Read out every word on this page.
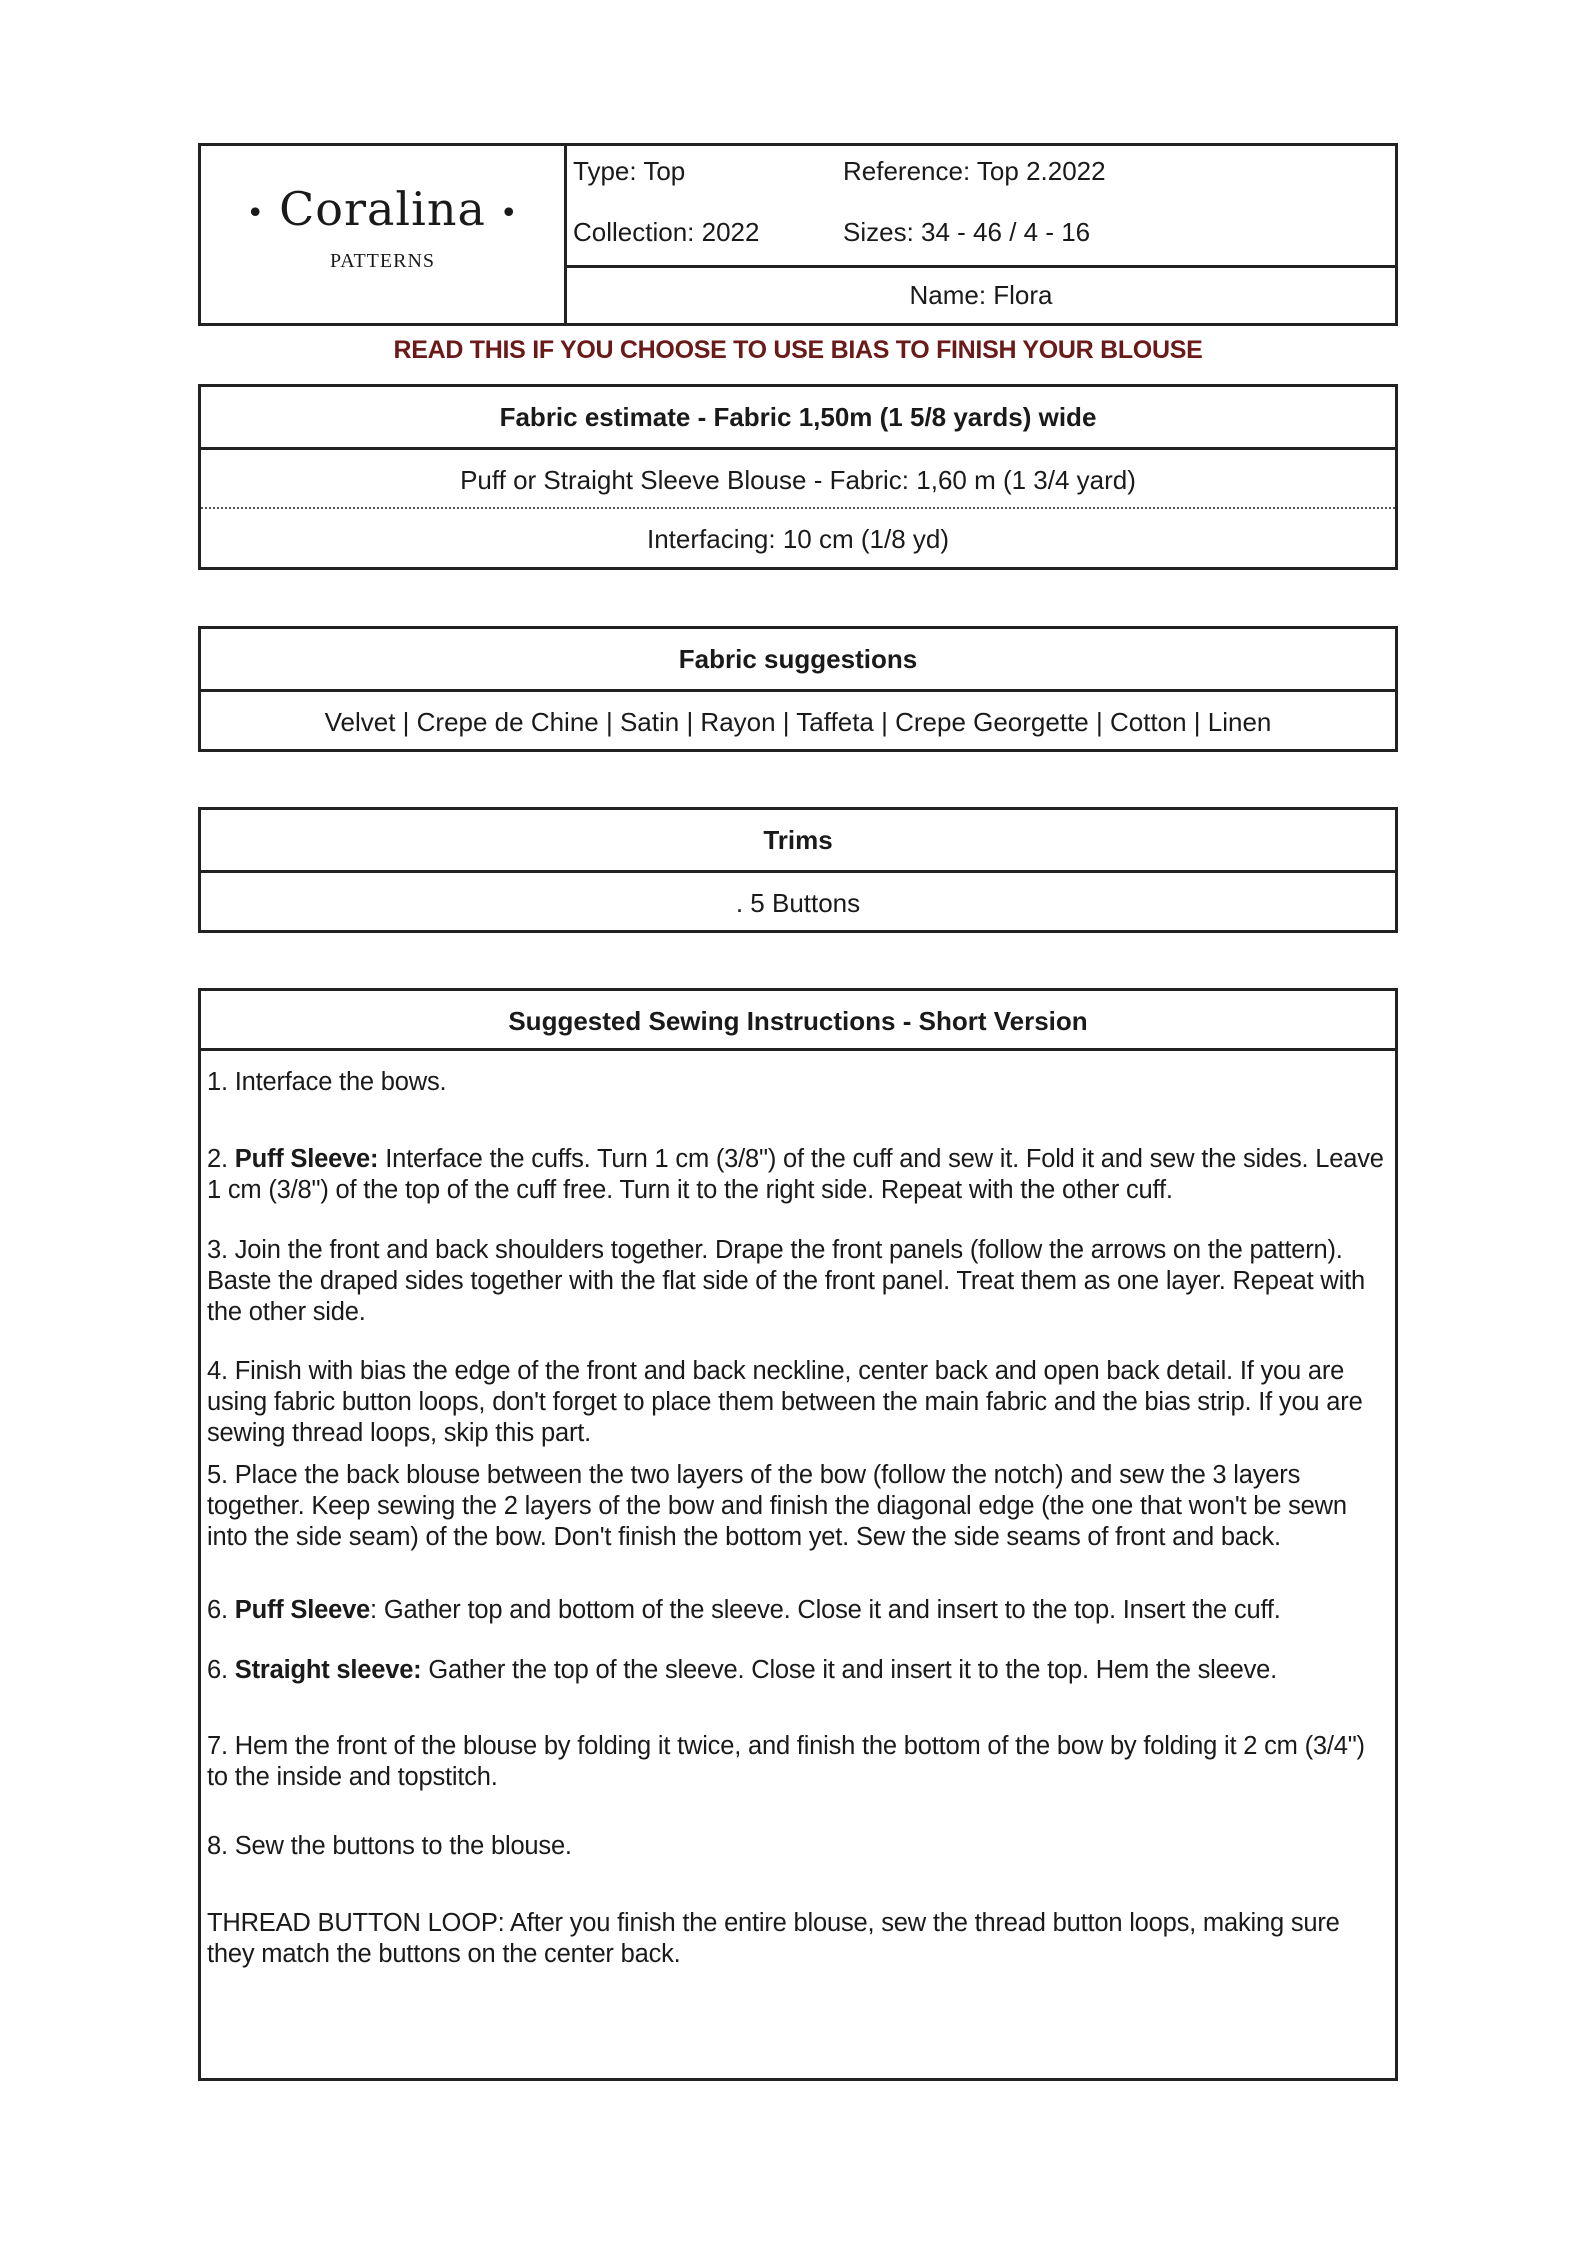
• Coralina •
PATTERNS
Type: Top	Reference: Top 2.2022
Collection: 2022	Sizes: 34 - 46 / 4 - 16
Name: Flora
READ THIS IF YOU CHOOSE TO USE BIAS TO FINISH YOUR BLOUSE
Fabric estimate - Fabric 1,50m (1 5/8 yards) wide
Puff or Straight Sleeve Blouse - Fabric: 1,60 m (1 3/4 yard)
Interfacing: 10 cm (1/8 yd)
Fabric suggestions
Velvet | Crepe de Chine | Satin | Rayon | Taffeta | Crepe Georgette | Cotton | Linen
Trims
. 5 Buttons
Suggested Sewing Instructions - Short Version
1. Interface the bows.
2. Puff Sleeve: Interface the cuffs. Turn 1 cm (3/8") of the cuff and sew it. Fold it and sew the sides. Leave 1 cm (3/8") of the top of the cuff free. Turn it to the right side. Repeat with the other cuff.
3. Join the front and back shoulders together. Drape the front panels (follow the arrows on the pattern). Baste the draped sides together with the flat side of the front panel. Treat them as one layer. Repeat with the other side.
4. Finish with bias the edge of the front and back neckline, center back and open back detail. If you are using fabric button loops, don't forget to place them between the main fabric and the bias strip. If you are sewing thread loops, skip this part.
5. Place the back blouse between the two layers of the bow (follow the notch) and sew the 3 layers together. Keep sewing the 2 layers of the bow and finish the diagonal edge (the one that won't be sewn into the side seam) of the bow. Don't finish the bottom yet. Sew the side seams of front and back.
6. Puff Sleeve: Gather top and bottom of the sleeve. Close it and insert to the top. Insert the cuff.
6. Straight sleeve: Gather the top of the sleeve. Close it and insert it to the top. Hem the sleeve.
7. Hem the front of the blouse by folding it twice, and finish the bottom of the bow by folding it 2 cm (3/4") to the inside and topstitch.
8. Sew the buttons to the blouse.
THREAD BUTTON LOOP: After you finish the entire blouse, sew the thread button loops, making sure they match the buttons on the center back.
